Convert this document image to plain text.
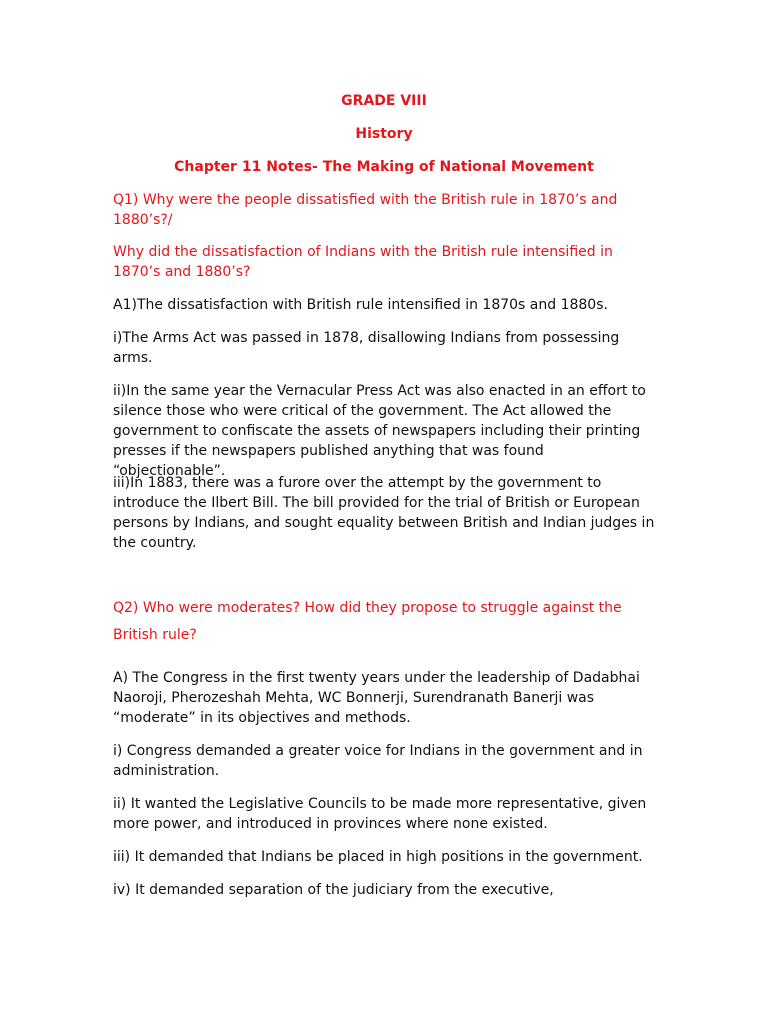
GRADE VIII
History
Chapter 11 Notes- The Making of National Movement

Q1) Why were the people dissatisfied with the British rule in 1870’s and 1880’s?/

Why did the dissatisfaction of Indians with the British rule intensified in 1870’s and 1880’s?

A1)The dissatisfaction with British rule intensified in 1870s and 1880s.

i)The Arms Act was passed in 1878, disallowing Indians from possessing arms.

ii)In the same year the Vernacular Press Act was also enacted in an effort to silence those who were critical of the government. The Act allowed the government to confiscate the assets of newspapers including their printing presses if the newspapers published anything that was found “objectionable”.

iii)In 1883, there was a furore over the attempt by the government to introduce the Ilbert Bill. The bill provided for the trial of British or European persons by Indians, and sought equality between British and Indian judges in the country.

Q2) Who were moderates? How did they propose to struggle against the British rule?

A) The Congress in the first twenty years under the leadership of Dadabhai Naoroji, Pherozeshah Mehta, WC Bonnerji, Surendranath Banerji was “moderate” in its objectives and methods.

i) Congress demanded a greater voice for Indians in the government and in administration.

ii) It wanted the Legislative Councils to be made more representative, given more power, and introduced in provinces where none existed.

iii) It demanded that Indians be placed in high positions in the government.

iv) It demanded separation of the judiciary from the executive,
